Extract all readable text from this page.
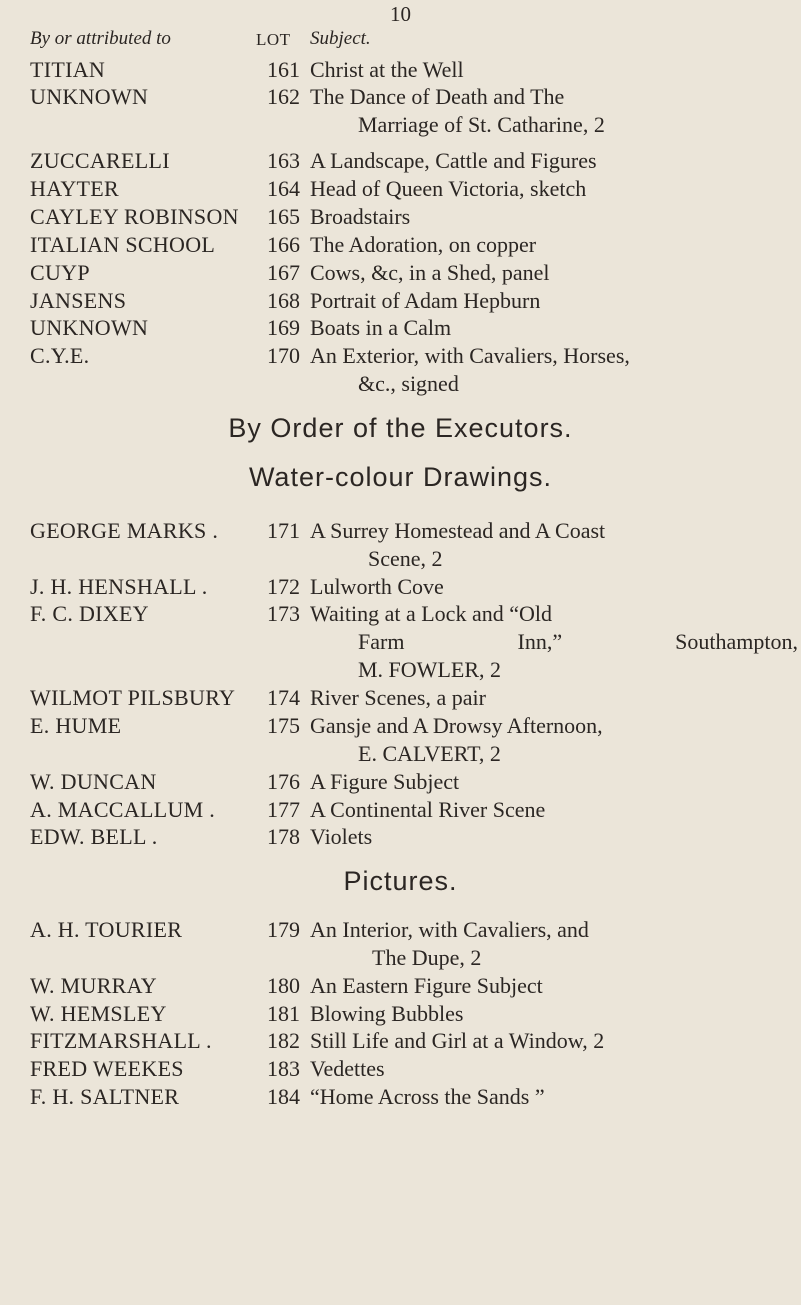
10
By or attributed to	LOT Subject.
TITIAN	161 Christ at the Well
UNKNOWN	162 The Dance of Death and The
Marriage of St. Catharine, 2
ZUCCARELLI	163 A Landscape, Cattle and Figures
HAYTER	164 Head of Queen Victoria, sketch
CAYLEY ROBINSON	165 Broadstairs
ITALIAN SCHOOL	166 The Adoration, on copper
CUYP	167 Cows, &c, in a Shed, panel
JANSENS	168 Portrait of Adam Hepburn
UNKNOWN	169 Boats in a Calm
C.Y.E.	170 An Exterior, with Cavaliers, Horses,
&c., signed
By Order of the Executors.
Water-colour Drawings.
GEORGE MARKS .	171 A Surrey Homestead and A Coast
Scene, 2
J. H. HENSHALL .	172 Lulworth Cove
F. C. DIXEY	173 Waiting at a Lock and “Old
Farm	Inn,”	Southampton,
M. FOWLER, 2
WILMOT PILSBURY	174 River Scenes, a pair
E. HUME	175 Gansje and A Drowsy Afternoon,
E. CALVERT, 2
W. DUNCAN	176 A Figure Subject
A. MACCALLUM .	177 A Continental River Scene
EDW. BELL .	178 Violets
Pictures.
A. H. TOURIER	179 An Interior, with Cavaliers, and
The Dupe, 2
W. MURRAY	180 An Eastern Figure Subject
W. HEMSLEY	181 Blowing Bubbles
FITZMARSHALL .	182 Still Life and Girl at a Window, 2
FRED WEEKES	183 Vedettes
F. H. SALTNER	184 “Home Across the Sands ”
